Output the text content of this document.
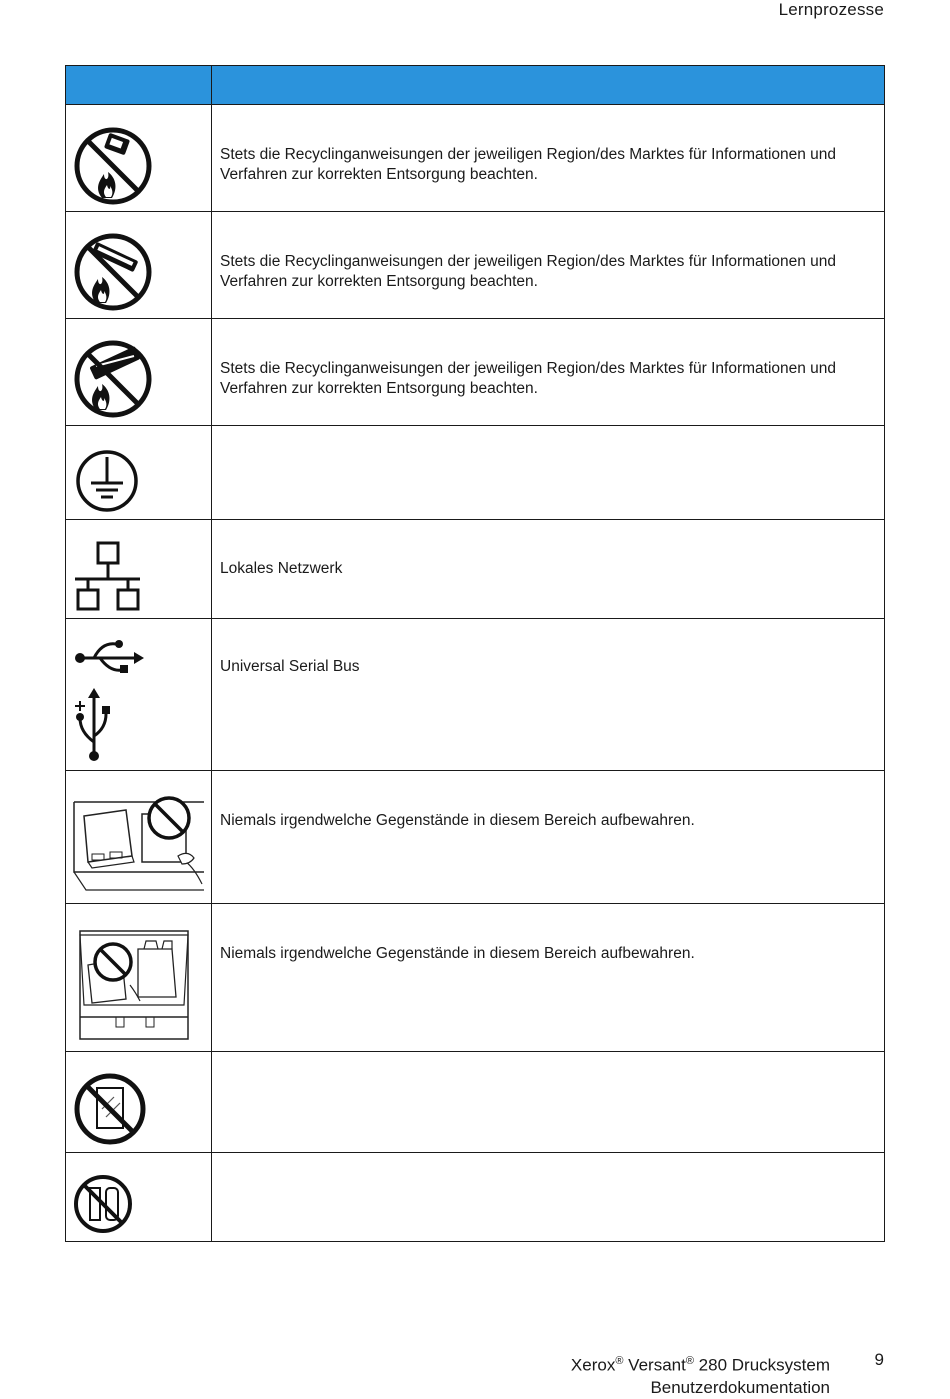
Lernprozesse

Stets die Recyclinganweisungen der jeweiligen Region/des Marktes für Informationen und Verfahren zur korrekten Entsorgung beachten.

Stets die Recyclinganweisungen der jeweiligen Region/des Marktes für Informationen und Verfahren zur korrekten Entsorgung beachten.

Stets die Recyclinganweisungen der jeweiligen Region/des Marktes für Informationen und Verfahren zur korrekten Entsorgung beachten.

Lokales Netzwerk

Universal Serial Bus

Niemals irgendwelche Gegenstände in diesem Bereich aufbewahren.

Niemals irgendwelche Gegenstände in diesem Bereich aufbewahren.

Xerox® Versant® 280 Drucksystem
Benutzerdokumentation
9
